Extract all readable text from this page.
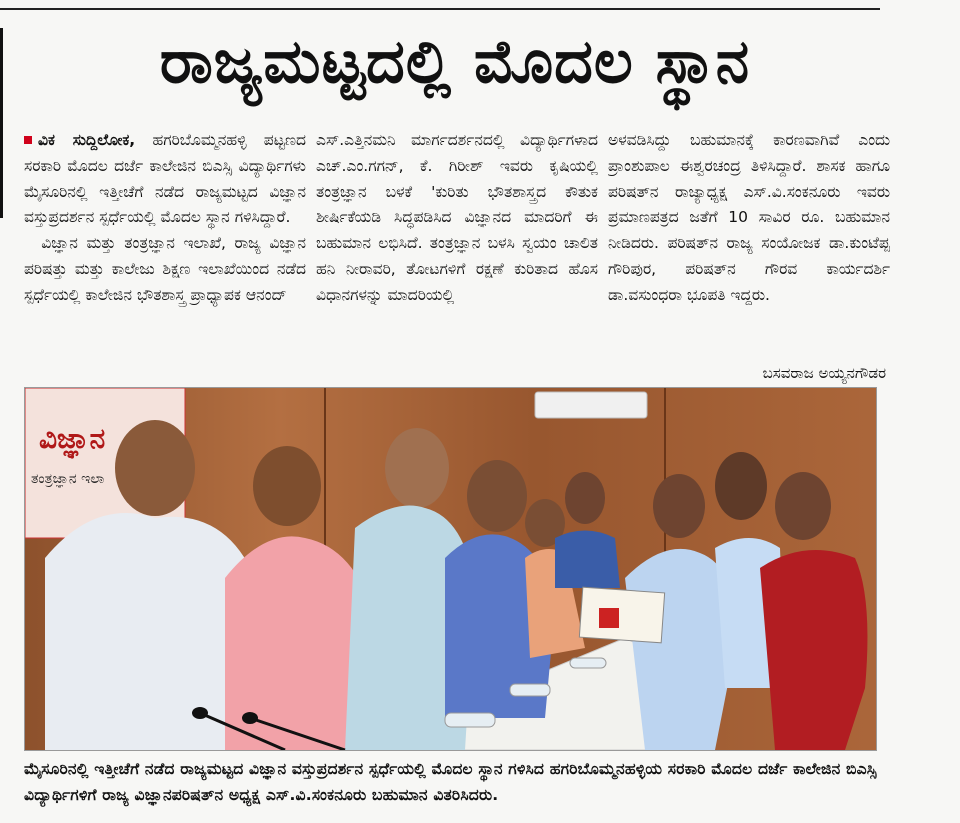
ರಾಜ್ಯಮಟ್ಟದಲ್ಲಿ ಮೊದಲ ಸ್ಥಾನ
ವಿಕ ಸುದ್ದಿಲೋಕ, ಹಗರಿಬೊಮ್ಮನಹಳ್ಳಿ ಪಟ್ಟಣದ ಸರಕಾರಿ ಮೊದಲ ದರ್ಜೆ ಕಾಲೇಜಿನ ಬಿಎಸ್ಸಿ ವಿದ್ಯಾರ್ಥಿಗಳು ಮೈಸೂರಿನಲ್ಲಿ ಇತ್ತೀಚೆಗೆ ನಡೆದ ರಾಜ್ಯಮಟ್ಟದ ವಿಜ್ಞಾನ ವಸ್ತುಪ್ರದರ್ಶನ ಸ್ಪರ್ಧೆಯಲ್ಲಿ ಮೊದಲ ಸ್ಥಾನ ಗಳಿಸಿದ್ದಾರೆ.
ವಿಜ್ಞಾನ ಮತ್ತು ತಂತ್ರಜ್ಞಾನ ಇಲಾಖೆ, ರಾಜ್ಯ ವಿಜ್ಞಾನ ಪರಿಷತ್ತು ಮತ್ತು ಕಾಲೇಜು ಶಿಕ್ಷಣ ಇಲಾಖೆಯಿಂದ ನಡೆದ ಸ್ಪರ್ಧೆಯಲ್ಲಿ ಕಾಲೇಜಿನ ಭೌತಶಾಸ್ತ್ರ ಪ್ರಾಧ್ಯಾಪಕ ಆನಂದ್
ಎಸ್.ಎತ್ತಿನಮನಿ ಮಾರ್ಗದರ್ಶನದಲ್ಲಿ ವಿದ್ಯಾರ್ಥಿಗಳಾದ ಎಚ್.ಎಂ.ಗಗನ್, ಕೆ. ಗಿರೀಶ್ ಇವರು ಕೃಷಿಯಲ್ಲಿ ತಂತ್ರಜ್ಞಾನ ಬಳಕೆ 'ಕುರಿತು ಭೌತಶಾಸ್ತ್ರದ ಕೌತುಕ ಶೀರ್ಷಿಕೆಯಡಿ ಸಿದ್ಧಪಡಿಸಿದ ವಿಜ್ಞಾನದ ಮಾದರಿಗೆ ಈ ಬಹುಮಾನ ಲಭಿಸಿದೆ. ತಂತ್ರಜ್ಞಾನ ಬಳಸಿ ಸ್ವಯಂ ಚಾಲಿತ ಹನಿ ನೀರಾವರಿ, ತೋಟಗಳಿಗೆ ರಕ್ಷಣೆ ಕುರಿತಾದ ಹೊಸ ವಿಧಾನಗಳನ್ನು ಮಾದರಿಯಲ್ಲಿ
ಅಳವಡಿಸಿದ್ದು ಬಹುಮಾನಕ್ಕೆ ಕಾರಣವಾಗಿವೆ ಎಂದು ಪ್ರಾಂಶುಪಾಲ ಈಶ್ವರಚಂದ್ರ ತಿಳಿಸಿದ್ದಾರೆ. ಶಾಸಕ ಹಾಗೂ ಪರಿಷತ್‌ನ ರಾಜ್ಯಾಧ್ಯಕ್ಷ ಎಸ್.ವಿ.ಸಂಕನೂರು ಇವರು ಪ್ರಮಾಣಪತ್ರದ ಜತೆಗೆ 10 ಸಾವಿರ ರೂ. ಬಹುಮಾನ ನೀಡಿದರು. ಪರಿಷತ್‌ನ ರಾಜ್ಯ ಸಂಯೋಜಕ ಡಾ.ಕುಂಟೆಪ್ಪ ಗೌರಿಪುರ, ಪರಿಷತ್‌ನ ಗೌರವ ಕಾರ್ಯದರ್ಶಿ ಡಾ.ವಸುಂಧರಾ ಭೂಪತಿ ಇದ್ದರು.
ಬಸವರಾಜ ಅಯ್ಯನಗೌಡರ
ವಿಜ್ಞಾನ
ತಂತ್ರಜ್ಞಾನ ಇಲಾ
ಮೈಸೂರಿನಲ್ಲಿ ಇತ್ತೀಚೆಗೆ ನಡೆದ ರಾಜ್ಯಮಟ್ಟದ ವಿಜ್ಞಾನ ವಸ್ತುಪ್ರದರ್ಶನ ಸ್ಪರ್ಧೆಯಲ್ಲಿ ಮೊದಲ ಸ್ಥಾನ ಗಳಿಸಿದ ಹಗರಿಬೊಮ್ಮನಹಳ್ಳಿಯ ಸರಕಾರಿ ಮೊದಲ ದರ್ಜೆ ಕಾಲೇಜಿನ ಬಿಎಸ್ಸಿ ವಿದ್ಯಾರ್ಥಿಗಳಿಗೆ ರಾಜ್ಯ ವಿಜ್ಞಾನಪರಿಷತ್‌ನ ಅಧ್ಯಕ್ಷ ಎಸ್.ವಿ.ಸಂಕನೂರು ಬಹುಮಾನ ವಿತರಿಸಿದರು.
